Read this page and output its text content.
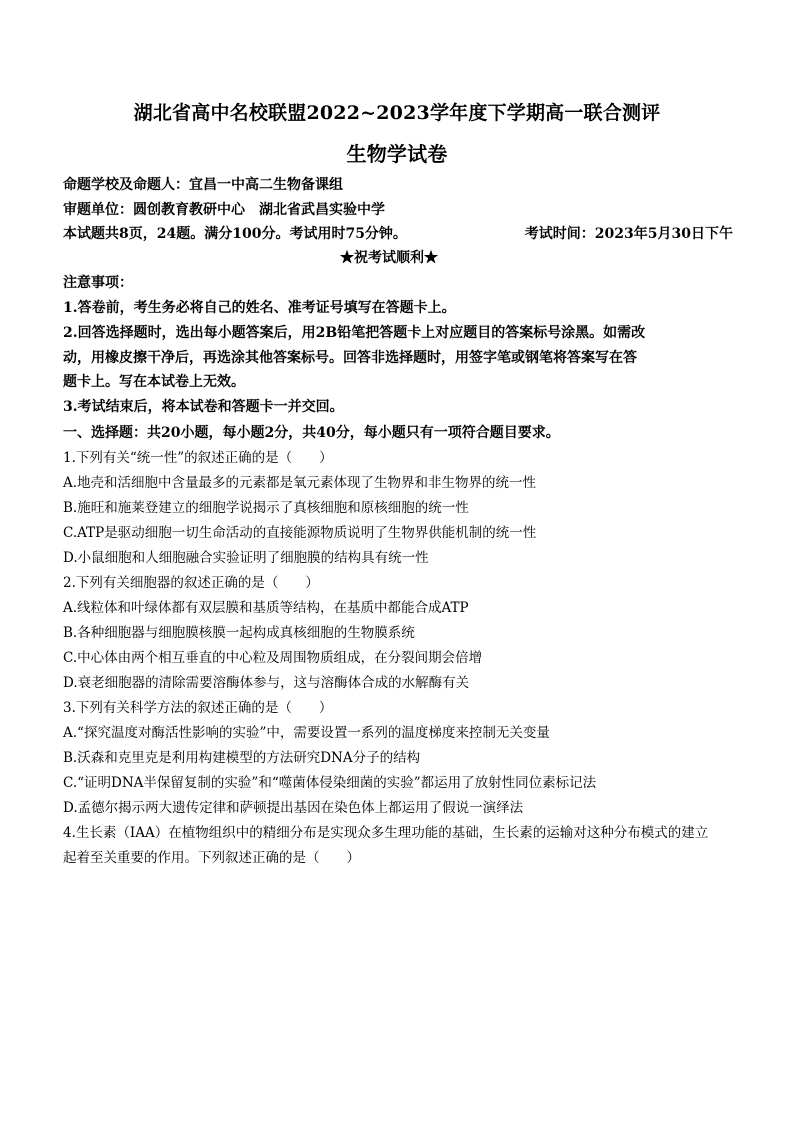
湖北省高中名校联盟2022~2023学年度下学期高一联合测评
生物学试卷
命题学校及命题人：宜昌一中高二生物备课组
审题单位：圆创教育教研中心　湖北省武昌实验中学
本试题共8页，24题。满分100分。考试用时75分钟。	考试时间：2023年5月30日下午
★祝考试顺利★
注意事项：
1.答卷前，考生务必将自己的姓名、准考证号填写在答题卡上。
2.回答选择题时，选出每小题答案后，用2B铅笔把答题卡上对应题目的答案标号涂黑。如需改
动，用橡皮擦干净后，再选涂其他答案标号。回答非选择题时，用签字笔或钢笔将答案写在答
题卡上。写在本试卷上无效。
3.考试结束后，将本试卷和答题卡一并交回。
一、选择题：共20小题，每小题2分，共40分，每小题只有一项符合题目要求。
1.下列有关“统一性”的叙述正确的是（　　）
A.地壳和活细胞中含量最多的元素都是氧元素体现了生物界和非生物界的统一性
B.施旺和施莱登建立的细胞学说揭示了真核细胞和原核细胞的统一性
C.ATP是驱动细胞一切生命活动的直接能源物质说明了生物界供能机制的统一性
D.小鼠细胞和人细胞融合实验证明了细胞膜的结构具有统一性
2.下列有关细胞器的叙述正确的是（　　）
A.线粒体和叶绿体都有双层膜和基质等结构，在基质中都能合成ATP
B.各种细胞器与细胞膜核膜一起构成真核细胞的生物膜系统
C.中心体由两个相互垂直的中心粒及周围物质组成，在分裂间期会倍增
D.衰老细胞器的清除需要溶酶体参与，这与溶酶体合成的水解酶有关
3.下列有关科学方法的叙述正确的是（　　）
A.“探究温度对酶活性影响的实验”中，需要设置一系列的温度梯度来控制无关变量
B.沃森和克里克是利用构建模型的方法研究DNA分子的结构
C.“证明DNA半保留复制的实验”和“噬菌体侵染细菌的实验”都运用了放射性同位素标记法
D.孟德尔揭示两大遗传定律和萨顿提出基因在染色体上都运用了假说一演绎法
4.生长素（IAA）在植物组织中的精细分布是实现众多生理功能的基础，生长素的运输对这种分布模式的建立
起着至关重要的作用。下列叙述正确的是（　　）
